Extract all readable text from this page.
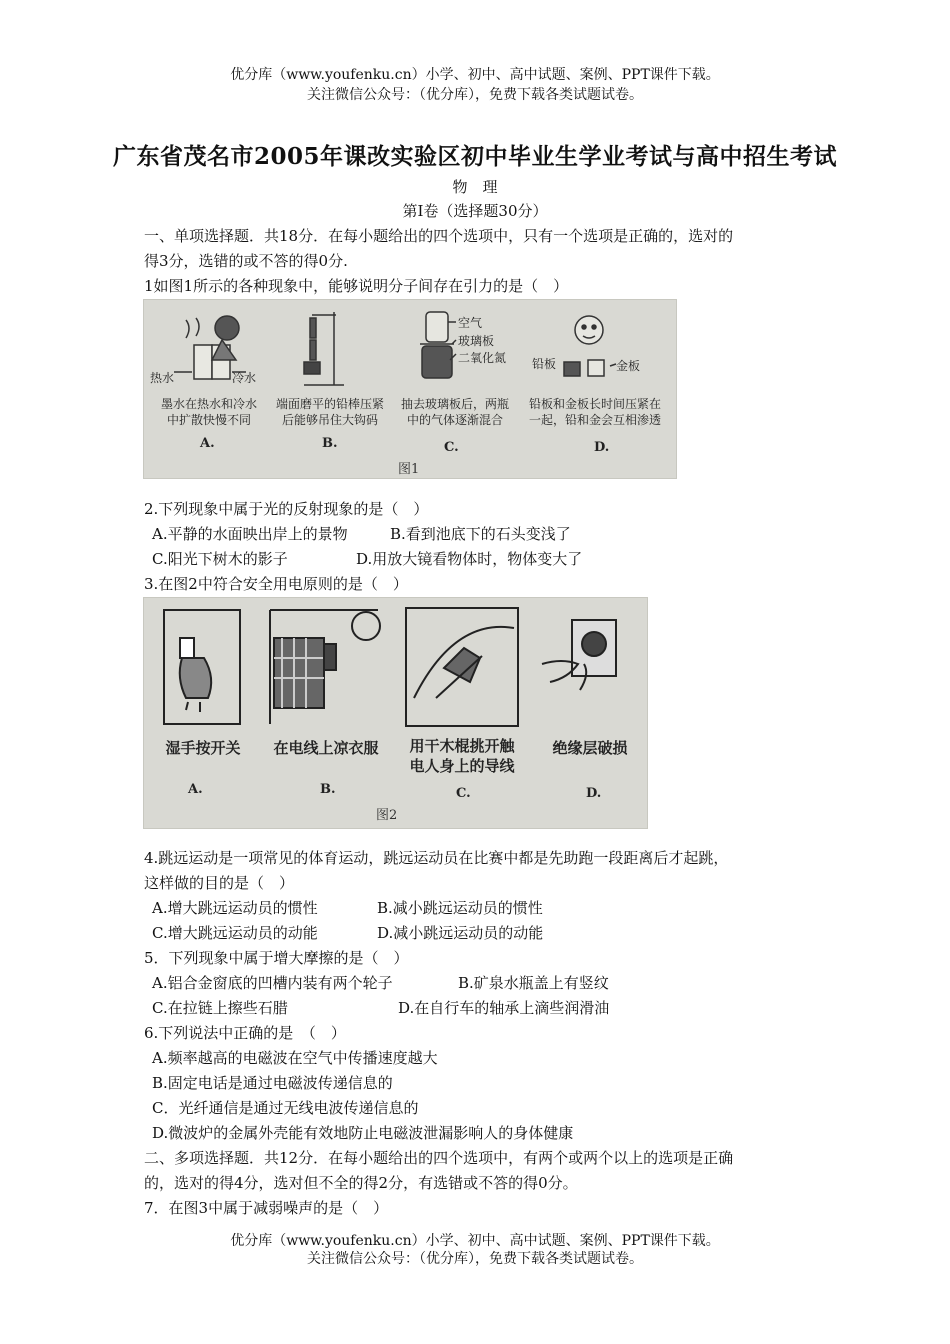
优分库（www.youfenku.cn）小学、初中、高中试题、案例、PPT课件下载。
关注微信公众号：（优分库），免费下载各类试题试卷。
广东省茂名市2005年课改实验区初中毕业生学业考试与高中招生考试
物　理
第I卷（选择题30分）
一、单项选择题．共18分．在每小题给出的四个选项中，只有一个选项是正确的，选对的
得3分，选错的或不答的得0分.
1如图1所示的各种现象中，能够说明分子间存在引力的是（　）
热水	冷水
空气
玻璃板
二氧化氮 铅板	金板
墨水在热水和冷水
中扩散快慢不同
端面磨平的铅棒压紧
后能够吊住大钩码
抽去玻璃板后，两瓶
中的气体逐渐混合
铅板和金板长时间压紧在
一起，铅和金会互相渗透
A.	B.	C.	D.
图1
2.下列现象中属于光的反射现象的是（　）
A.平静的水面映出岸上的景物	B.看到池底下的石头变浅了
C.阳光下树木的影子	D.用放大镜看物体时，物体变大了
3.在图2中符合安全用电原则的是（　）
湿手按开关	在电线上凉衣服	用干木棍挑开触
电人身上的导线
绝缘层破损
A.	B.	C.	D.
图2
4.跳远运动是一项常见的体育运动，跳远运动员在比赛中都是先助跑一段距离后才起跳，
这样做的目的是（　）
A.增大跳远运动员的惯性	B.减小跳远运动员的惯性
C.增大跳远运动员的动能	D.减小跳远运动员的动能
5．下列现象中属于增大摩擦的是（　）
A.铝合金窗底的凹槽内装有两个轮子	B.矿泉水瓶盖上有竖纹
C.在拉链上擦些石腊	D.在自行车的轴承上滴些润滑油
6.下列说法中正确的是　（　）
A.频率越高的电磁波在空气中传播速度越大
B.固定电话是通过电磁波传递信息的
C．光纤通信是通过无线电波传递信息的
D.微波炉的金属外壳能有效地防止电磁波泄漏影响人的身体健康
二、多项选择题．共12分．在每小题给出的四个选项中，有两个或两个以上的选项是正确
的，选对的得4分，选对但不全的得2分，有选错或不答的得0分。
7．在图3中属于减弱噪声的是（　）
优分库（www.youfenku.cn）小学、初中、高中试题、案例、PPT课件下载。
关注微信公众号：（优分库），免费下载各类试题试卷。
